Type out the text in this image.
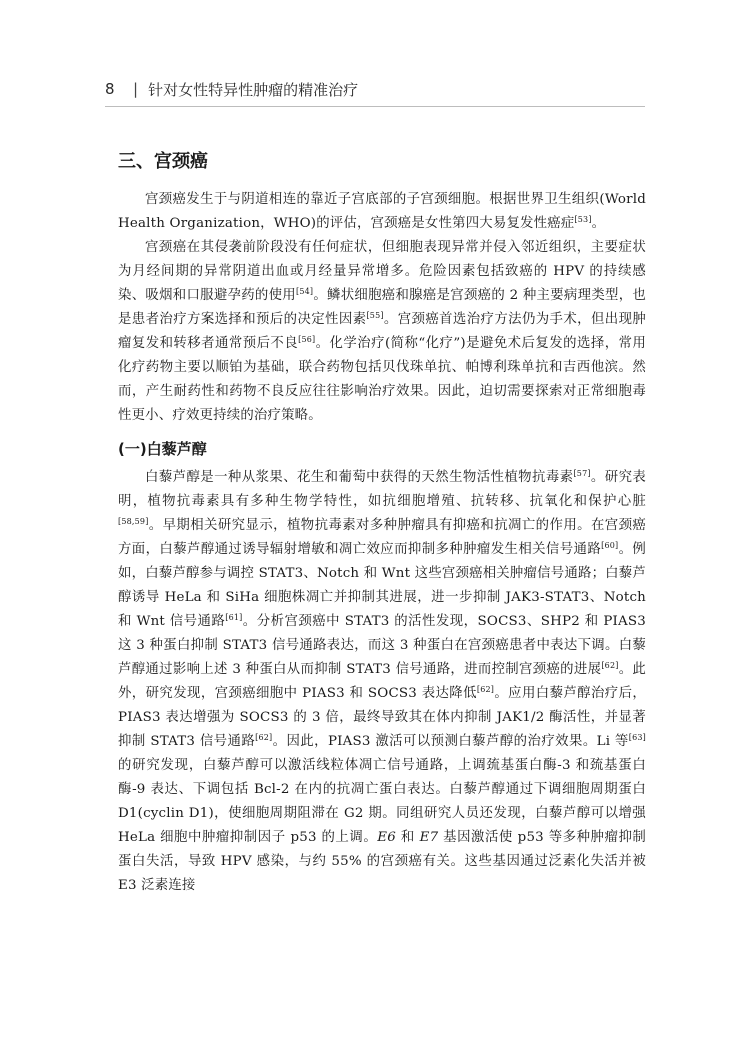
8	| 针对女性特异性肿瘤的精准治疗
三、宫颈癌

宫颈癌发生于与阴道相连的靠近子宫底部的子宫颈细胞。根据世界卫生组织(World Health Organization，WHO)的评估，宫颈癌是女性第四大易复发性癌症[53]。

宫颈癌在其侵袭前阶段没有任何症状，但细胞表现异常并侵入邻近组织，主要症状为月经间期的异常阴道出血或月经量异常增多。危险因素包括致癌的 HPV 的持续感染、吸烟和口服避孕药的使用[54]。鳞状细胞癌和腺癌是宫颈癌的 2 种主要病理类型，也是患者治疗方案选择和预后的决定性因素[55]。宫颈癌首选治疗方法仍为手术，但出现肿瘤复发和转移者通常预后不良[56]。化学治疗(简称“化疗”)是避免术后复发的选择，常用化疗药物主要以顺铂为基础，联合药物包括贝伐珠单抗、帕博利珠单抗和吉西他滨。然而，产生耐药性和药物不良反应往往影响治疗效果。因此，迫切需要探索对正常细胞毒性更小、疗效更持续的治疗策略。

(一)白藜芦醇

白藜芦醇是一种从浆果、花生和葡萄中获得的天然生物活性植物抗毒素[57]。研究表明，植物抗毒素具有多种生物学特性，如抗细胞增殖、抗转移、抗氧化和保护心脏[58,59]。早期相关研究显示，植物抗毒素对多种肿瘤具有抑癌和抗凋亡的作用。在宫颈癌方面，白藜芦醇通过诱导辐射增敏和凋亡效应而抑制多种肿瘤发生相关信号通路[60]。例如，白藜芦醇参与调控 STAT3、Notch 和 Wnt 这些宫颈癌相关肿瘤信号通路；白藜芦醇诱导 HeLa 和 SiHa 细胞株凋亡并抑制其进展，进一步抑制 JAK3-STAT3、Notch 和 Wnt 信号通路[61]。分析宫颈癌中 STAT3 的活性发现，SOCS3、SHP2 和 PIAS3 这 3 种蛋白抑制 STAT3 信号通路表达，而这 3 种蛋白在宫颈癌患者中表达下调。白藜芦醇通过影响上述 3 种蛋白从而抑制 STAT3 信号通路，进而控制宫颈癌的进展[62]。此外，研究发现，宫颈癌细胞中 PIAS3 和 SOCS3 表达降低[62]。应用白藜芦醇治疗后，PIAS3 表达增强为 SOCS3 的 3 倍，最终导致其在体内抑制 JAK1/2 酶活性，并显著抑制 STAT3 信号通路[62]。因此，PIAS3 激活可以预测白藜芦醇的治疗效果。Li 等[63]的研究发现，白藜芦醇可以激活线粒体凋亡信号通路，上调巯基蛋白酶-3 和巯基蛋白酶-9 表达、下调包括 Bcl-2 在内的抗凋亡蛋白表达。白藜芦醇通过下调细胞周期蛋白 D1(cyclin D1)，使细胞周期阻滞在 G2 期。同组研究人员还发现，白藜芦醇可以增强 HeLa 细胞中肿瘤抑制因子 p53 的上调。E6 和 E7 基因激活使 p53 等多种肿瘤抑制蛋白失活，导致 HPV 感染，与约 55% 的宫颈癌有关。这些基因通过泛素化失活并被 E3 泛素连接
